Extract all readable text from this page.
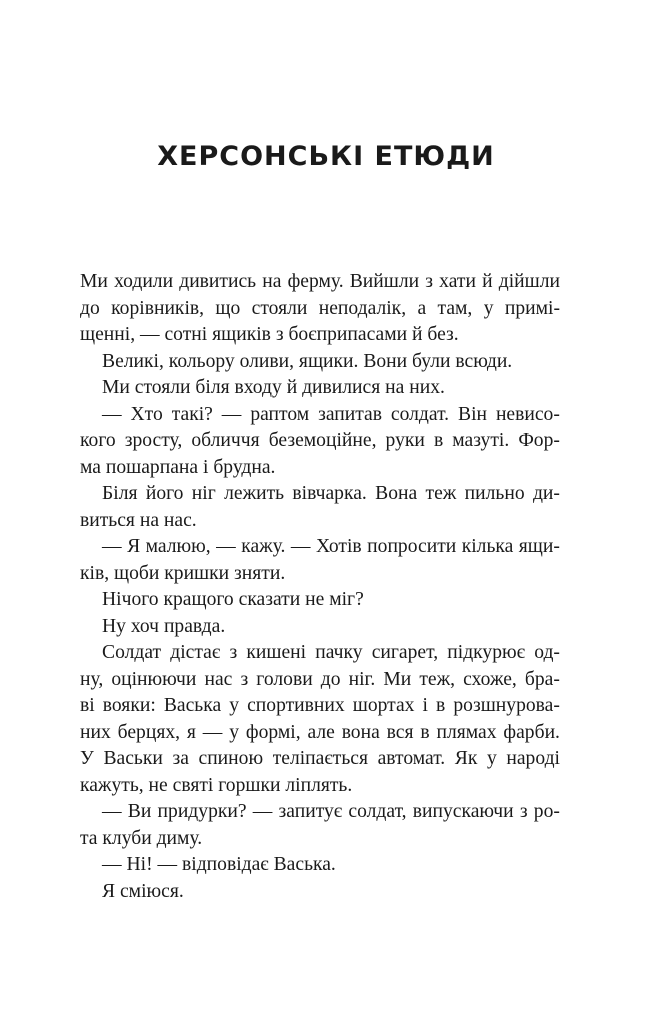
ХЕРСОНСЬКІ ЕТЮДИ
Ми ходили дивитись на ферму. Вийшли з хати й дійшли
до корівників, що стояли неподалік, а там, у примі-
щенні, — сотні ящиків з боєприпасами й без.
Великі, кольору оливи, ящики. Вони були всюди.
Ми стояли біля входу й дивилися на них.
— Хто такі? — раптом запитав солдат. Він невисо-
кого зросту, обличчя беземоційне, руки в мазуті. Фор-
ма пошарпана і брудна.
Біля його ніг лежить вівчарка. Вона теж пильно ди-
виться на нас.
— Я малюю, — кажу. — Хотів попросити кілька ящи-
ків, щоби кришки зняти.
Нічого кращого сказати не міг?
Ну хоч правда.
Солдат дістає з кишені пачку сигарет, підкурює од-
ну, оцінюючи нас з голови до ніг. Ми теж, схоже, бра-
ві вояки: Васька у спортивних шортах і в розшнурова-
них берцях, я — у формі, але вона вся в плямах фарби.
У Васьки за спиною теліпається автомат. Як у народі
кажуть, не святі горшки ліплять.
— Ви придурки? — запитує солдат, випускаючи з ро-
та клуби диму.
— Ні! — відповідає Васька.
Я сміюся.
